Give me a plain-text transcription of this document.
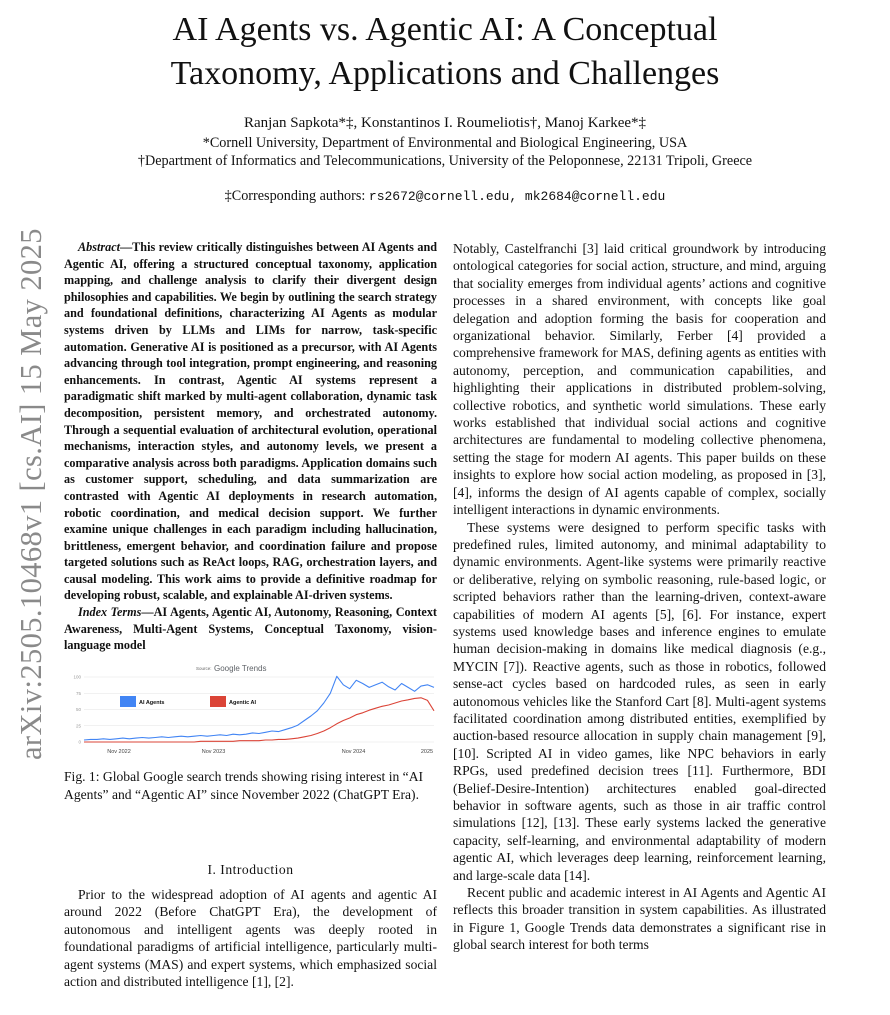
AI Agents vs. Agentic AI: A Conceptual
Taxonomy, Applications and Challenges
Ranjan Sapkota*‡, Konstantinos I. Roumeliotis†, Manoj Karkee*‡
*Cornell University, Department of Environmental and Biological Engineering, USA
†Department of Informatics and Telecommunications, University of the Peloponnese, 22131 Tripoli, Greece
‡Corresponding authors: rs2672@cornell.edu, mk2684@cornell.edu
arXiv:2505.10468v1 [cs.AI] 15 May 2025	Abstract—This review critically distinguishes between AI Agents and Agentic AI, offering a structured conceptual taxonomy, application mapping, and challenge analysis to clarify their divergent design philosophies and capabilities. We begin by outlining the search strategy and foundational definitions, characterizing AI Agents as modular systems driven by LLMs and LIMs for narrow, task-specific automation. Generative AI is positioned as a precursor, with AI Agents advancing through tool integration, prompt engineering, and reasoning enhancements. In contrast, Agentic AI systems represent a paradigmatic shift marked by multi-agent collaboration, dynamic task decomposition, persistent memory, and orchestrated autonomy. Through a sequential evaluation of architectural evolution, operational mechanisms, interaction styles, and autonomy levels, we present a comparative analysis across both paradigms. Application domains such as customer support, scheduling, and data summarization are contrasted with Agentic AI deployments in research automation, robotic coordination, and medical decision support. We further examine unique challenges in each paradigm including hallucination, brittleness, emergent behavior, and coordination failure and propose targeted solutions such as ReAct loops, RAG, orchestration layers, and causal modeling. This work aims to provide a definitive roadmap for developing robust, scalable, and explainable AI-driven systems.

Index Terms—AI Agents, Agentic AI, Autonomy, Reasoning, Context Awareness, Multi-Agent Systems, Conceptual Taxonomy, vision-language model

Source: Google Trends
0
25
50
75
100
AI Agents	Agentic AI
Nov 2022	Nov 2023	Nov 2024	2025
Fig. 1: Global Google search trends showing rising interest in “AI Agents” and “Agentic AI” since November 2022 (ChatGPT Era).
I. Introduction

Prior to the widespread adoption of AI agents and agentic AI around 2022 (Before ChatGPT Era), the development of autonomous and intelligent agents was deeply rooted in foundational paradigms of artificial intelligence, particularly multi-agent systems (MAS) and expert systems, which emphasized social action and distributed intelligence [1], [2].

Notably, Castelfranchi [3] laid critical groundwork by introducing ontological categories for social action, structure, and mind, arguing that sociality emerges from individual agents’ actions and cognitive processes in a shared environment, with concepts like goal delegation and adoption forming the basis for cooperation and organizational behavior. Similarly, Ferber [4] provided a comprehensive framework for MAS, defining agents as entities with autonomy, perception, and communication capabilities, and highlighting their applications in distributed problem-solving, collective robotics, and synthetic world simulations. These early works established that individual social actions and cognitive architectures are fundamental to modeling collective phenomena, setting the stage for modern AI agents. This paper builds on these insights to explore how social action modeling, as proposed in [3], [4], informs the design of AI agents capable of complex, socially intelligent interactions in dynamic environments.

These systems were designed to perform specific tasks with predefined rules, limited autonomy, and minimal adaptability to dynamic environments. Agent-like systems were primarily reactive or deliberative, relying on symbolic reasoning, rule-based logic, or scripted behaviors rather than the learning-driven, context-aware capabilities of modern AI agents [5], [6]. For instance, expert systems used knowledge bases and inference engines to emulate human decision-making in domains like medical diagnosis (e.g., MYCIN [7]). Reactive agents, such as those in robotics, followed sense-act cycles based on hardcoded rules, as seen in early autonomous vehicles like the Stanford Cart [8]. Multi-agent systems facilitated coordination among distributed entities, exemplified by auction-based resource allocation in supply chain management [9], [10]. Scripted AI in video games, like NPC behaviors in early RPGs, used predefined decision trees [11]. Furthermore, BDI (Belief-Desire-Intention) architectures enabled goal-directed behavior in software agents, such as those in air traffic control simulations [12], [13]. These early systems lacked the generative capacity, self-learning, and environmental adaptability of modern agentic AI, which leverages deep learning, reinforcement learning, and large-scale data [14].

Recent public and academic interest in AI Agents and Agentic AI reflects this broader transition in system capabilities. As illustrated in Figure 1, Google Trends data demonstrates a significant rise in global search interest for both terms
